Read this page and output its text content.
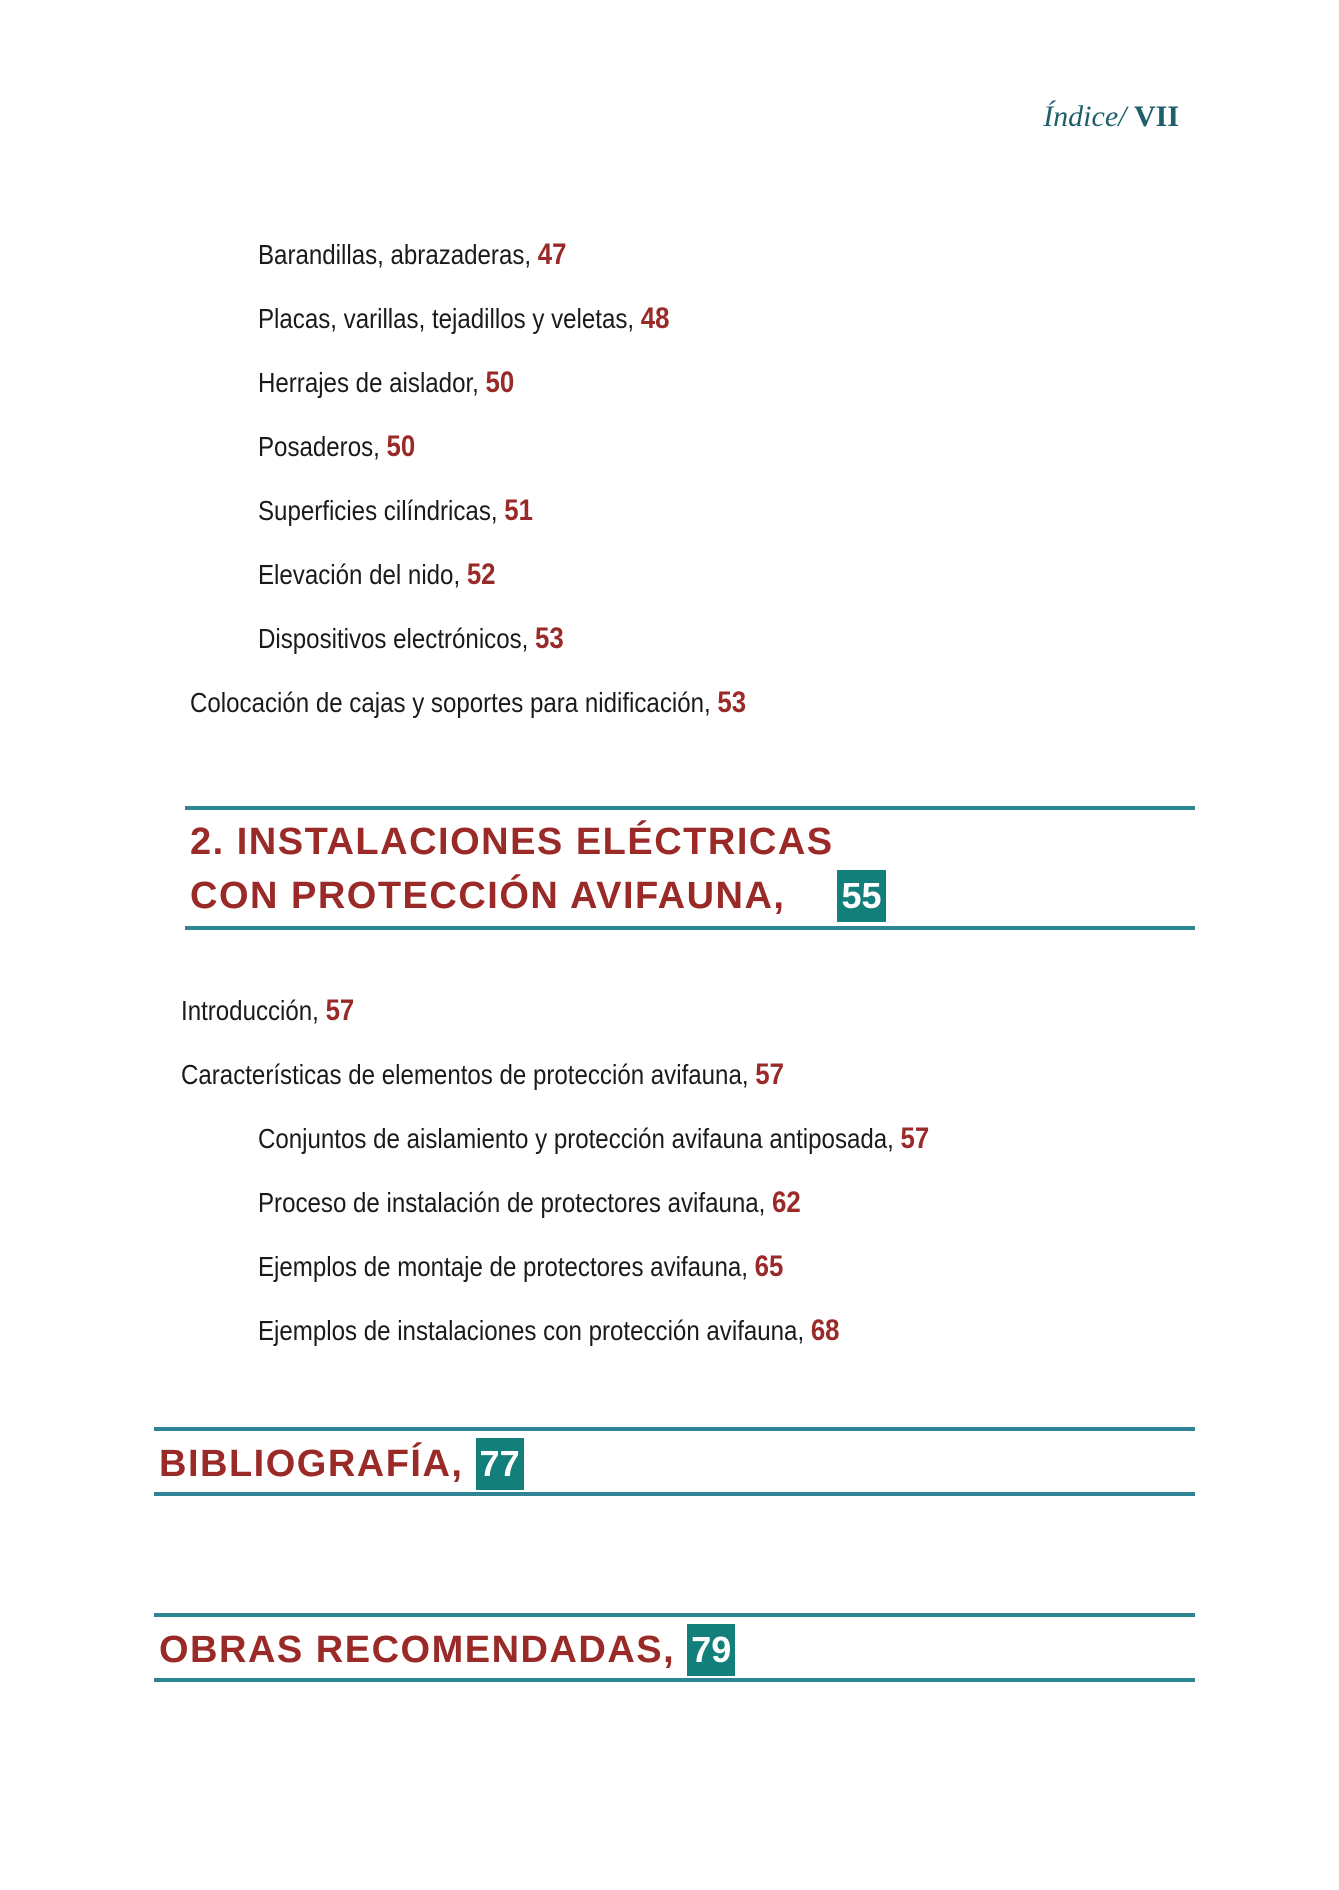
Índice/ VII
Barandillas, abrazaderas, 47
Placas, varillas, tejadillos y veletas, 48
Herrajes de aislador, 50
Posaderos, 50
Superficies cilíndricas, 51
Elevación del nido, 52
Dispositivos electrónicos, 53
Colocación de cajas y soportes para nidificación, 53
2. INSTALACIONES ELÉCTRICAS
CON PROTECCIÓN AVIFAUNA, 55
Introducción, 57
Características de elementos de protección avifauna, 57
Conjuntos de aislamiento y protección avifauna antiposada, 57
Proceso de instalación de protectores avifauna, 62
Ejemplos de montaje de protectores avifauna, 65
Ejemplos de instalaciones con protección avifauna, 68
BIBLIOGRAFÍA, 77
OBRAS RECOMENDADAS, 79
